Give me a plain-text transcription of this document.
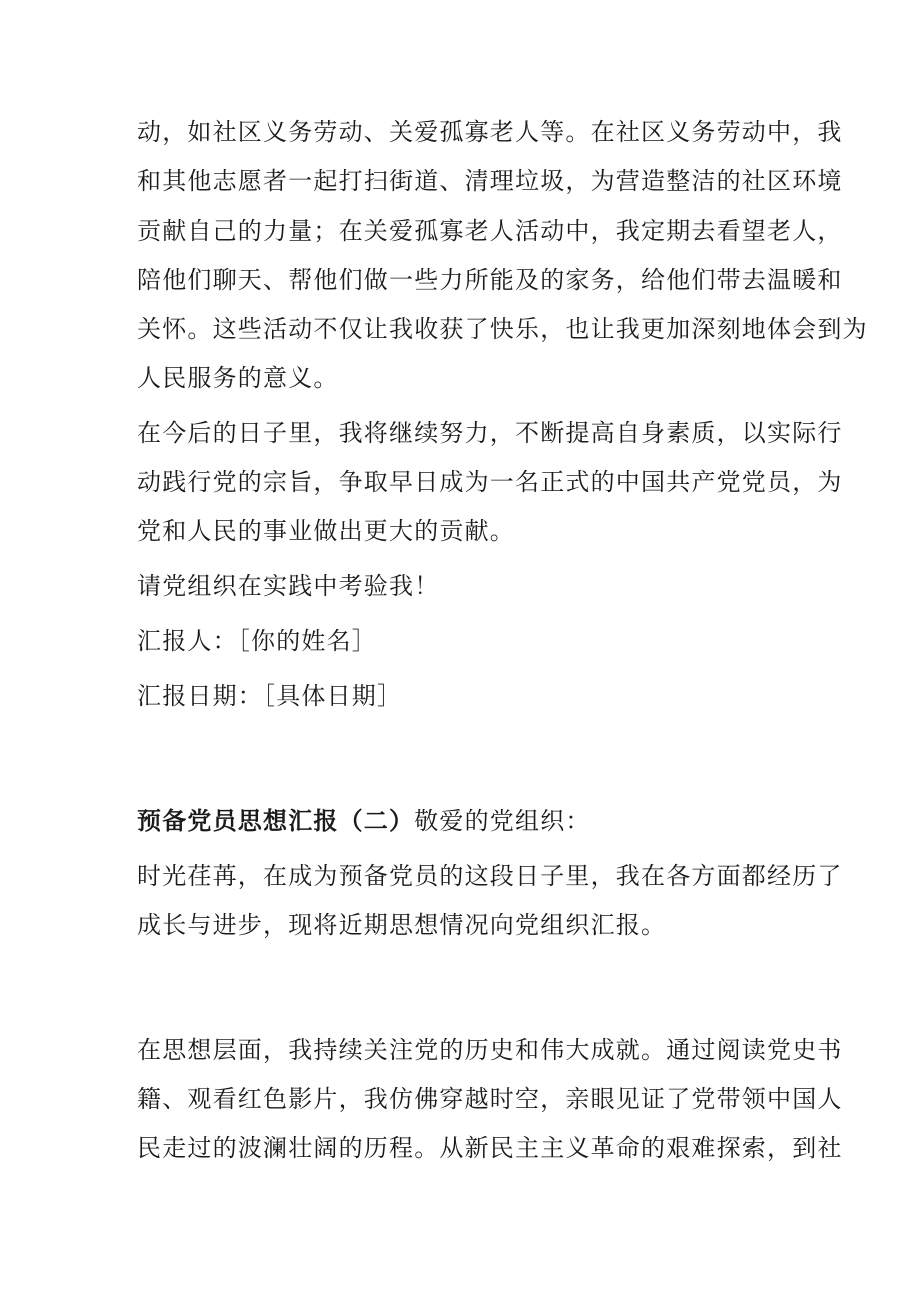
动，如社区义务劳动、关爱孤寡老人等。在社区义务劳动中，我
和其他志愿者一起打扫街道、清理垃圾，为营造整洁的社区环境
贡献自己的力量；在关爱孤寡老人活动中，我定期去看望老人，
陪他们聊天、帮他们做一些力所能及的家务，给他们带去温暖和
关怀。这些活动不仅让我收获了快乐，也让我更加深刻地体会到为
人民服务的意义。
在今后的日子里，我将继续努力，不断提高自身素质，以实际行
动践行党的宗旨，争取早日成为一名正式的中国共产党党员，为
党和人民的事业做出更大的贡献。
请党组织在实践中考验我！
汇报人：［你的姓名］
汇报日期：［具体日期］
预备党员思想汇报（二）敬爱的党组织：
时光荏苒，在成为预备党员的这段日子里，我在各方面都经历了
成长与进步，现将近期思想情况向党组织汇报。
在思想层面，我持续关注党的历史和伟大成就。通过阅读党史书
籍、观看红色影片，我仿佛穿越时空，亲眼见证了党带领中国人
民走过的波澜壮阔的历程。从新民主主义革命的艰难探索，到社
